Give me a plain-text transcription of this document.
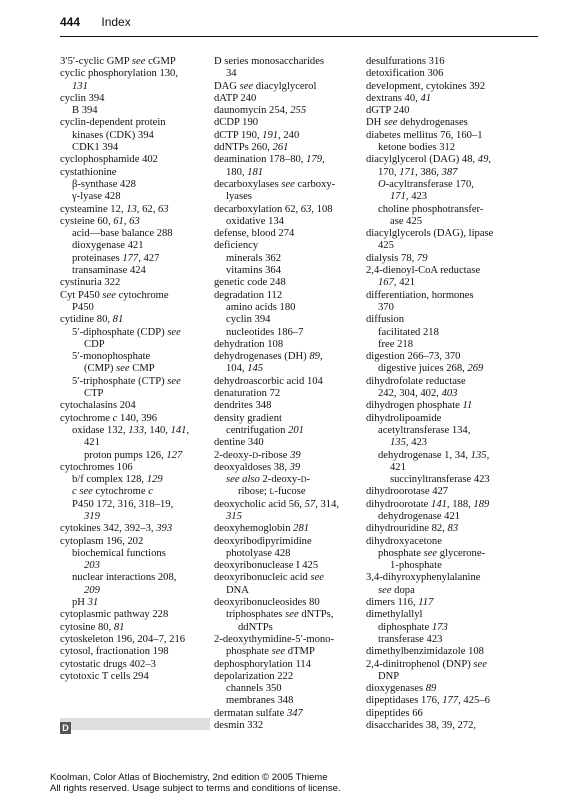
444 Index
3′5′-cyclic GMP see cGMP
cyclic phosphorylation 130,
131
cyclin 394
B 394
cyclin-dependent protein
kinases (CDK) 394
CDK1 394
cyclophosphamide 402
cystathionine
β-synthase 428
γ-lyase 428
cysteamine 12, 13, 62, 63
cysteine 60, 61, 63
acid—base balance 288
dioxygenase 421
proteinases 177, 427
transaminase 424
cystinuria 322
Cyt P450 see cytochrome
P450
cytidine 80, 81
5′-diphosphate (CDP) see
CDP
5′-monophosphate
(CMP) see CMP
5′-triphosphate (CTP) see
CTP
cytochalasins 204
cytochrome c 140, 396
oxidase 132, 133, 140, 141,
421
proton pumps 126, 127
cytochromes 106
b/f complex 128, 129
c see cytochrome c
P450 172, 316, 318–19,
319
cytokines 342, 392–3, 393
cytoplasm 196, 202
biochemical functions
203
nuclear interactions 208,
209
pH 31
cytoplasmic pathway 228
cytosine 80, 81
cytoskeleton 196, 204–7, 216
cytosol, fractionation 198
cytostatic drugs 402–3
cytotoxic T cells 294
D series monosaccharides
34
DAG see diacylglycerol
dATP 240
daunomycin 254, 255
dCDP 190
dCTP 190, 191, 240
ddNTPs 260, 261
deamination 178–80, 179,
180, 181
decarboxylases see carboxy-
lyases
decarboxylation 62, 63, 108
oxidative 134
defense, blood 274
deficiency
minerals 362
vitamins 364
genetic code 248
degradation 112
amino acids 180
cyclin 394
nucleotides 186–7
dehydration 108
dehydrogenases (DH) 89,
104, 145
dehydroascorbic acid 104
denaturation 72
dendrites 348
density gradient
centrifugation 201
dentine 340
2-deoxy-D-ribose 39
deoxyaldoses 38, 39
see also 2-deoxy-D-
ribose; L-fucose
deoxycholic acid 56, 57, 314,
315
deoxyhemoglobin 281
deoxyribodipyrimidine
photolyase 428
deoxyribonuclease I 425
deoxyribonucleic acid see
DNA
deoxyribonucleosides 80
triphosphates see dNTPs,
ddNTPs
2-deoxythymidine-5′-mono-
phosphate see dTMP
dephosphorylation 114
depolarization 222
channels 350
membranes 348
dermatan sulfate 347
desmin 332
desulfurations 316
detoxification 306
development, cytokines 392
dextrans 40, 41
dGTP 240
DH see dehydrogenases
diabetes mellitus 76, 160–1
ketone bodies 312
diacylglycerol (DAG) 48, 49,
170, 171, 386, 387
O-acyltransferase 170,
171, 423
choline phosphotransfer-
ase 425
diacylglycerols (DAG), lipase
425
dialysis 78, 79
2,4-dienoyl-CoA reductase
167, 421
differentiation, hormones
370
diffusion
facilitated 218
free 218
digestion 266–73, 370
digestive juices 268, 269
dihydrofolate reductase
242, 304, 402, 403
dihydrogen phosphate 11
dihydrolipoamide
acetyltransferase 134,
135, 423
dehydrogenase 1, 34, 135,
421
succinyltransferase 423
dihydroorotase 427
dihydroorotate 141, 188, 189
dehydrogenase 421
dihydrouridine 82, 83
dihydroxyacetone
phosphate see glycerone-
1-phosphate
3,4-dihyroxyphenylalanine
see dopa
dimers 116, 117
dimethylallyl
diphosphate 173
transferase 423
dimethylbenzimidazole 108
2,4-dinitrophenol (DNP) see
DNP
dioxygenases 89
dipeptidases 176, 177, 425–6
dipeptides 66
disaccharides 38, 39, 272,
D
Koolman, Color Atlas of Biochemistry, 2nd edition © 2005 Thieme
All rights reserved. Usage subject to terms and conditions of license.
